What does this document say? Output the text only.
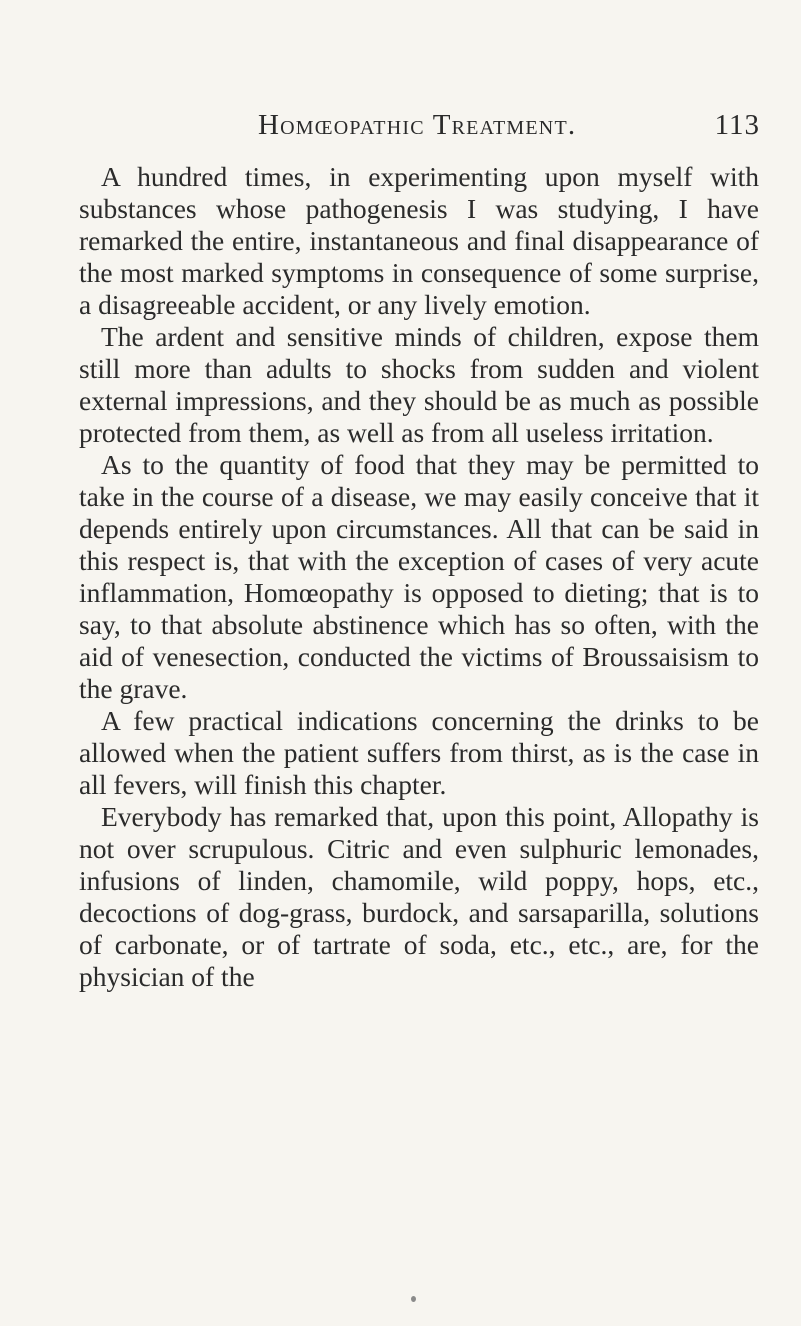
Homœopathic Treatment.	113

A hundred times, in experimenting upon myself with substances whose pathogenesis I was studying, I have remarked the entire, instantaneous and final disappearance of the most marked symptoms in consequence of some surprise, a disagreeable accident, or any lively emotion.

The ardent and sensitive minds of children, expose them still more than adults to shocks from sudden and violent external impressions, and they should be as much as possible protected from them, as well as from all useless irritation.

As to the quantity of food that they may be permitted to take in the course of a disease, we may easily conceive that it depends entirely upon circumstances. All that can be said in this respect is, that with the exception of cases of very acute inflammation, Homœopathy is opposed to dieting; that is to say, to that absolute abstinence which has so often, with the aid of venesection, conducted the victims of Broussaisism to the grave.

A few practical indications concerning the drinks to be allowed when the patient suffers from thirst, as is the case in all fevers, will finish this chapter.

Everybody has remarked that, upon this point, Allopathy is not over scrupulous. Citric and even sulphuric lemonades, infusions of linden, chamomile, wild poppy, hops, etc., decoctions of dog-grass, burdock, and sarsaparilla, solutions of carbonate, or of tartrate of soda, etc., etc., are, for the physician of the
